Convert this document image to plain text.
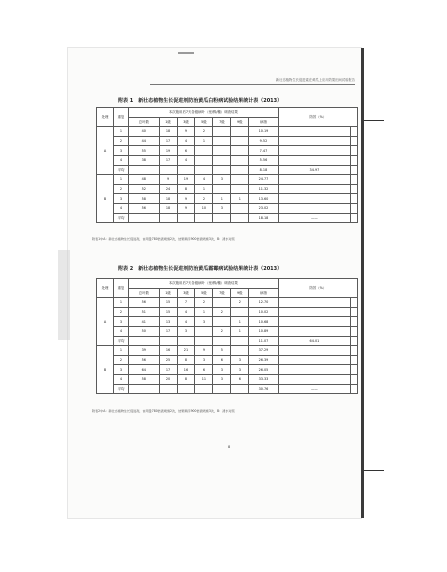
新壮态植物生长促进素在黄瓜上应用效果田间试验报告
附表 1　新壮态植物生长促进剂防治黄瓜白粉病试验结果统计表（2013）
处理	重复	本次施用后7天各级病叶（里/株/穗）调查结果							防效（%）	
		总叶数	1级	3级	5级	7级	9级	病指		
A	1	40	18	9	2			10.19		
	2	44	17	4	1			9.52		
	3	55	19	6				7.47		
	4	38	17	4				5.56		
	平均							8.18	34.97	
B	1	48	9	19	4	3		24.77		
	2	52	24	8	1			11.32		
	3	58	18	9	2	1	1	13.60		
	4	56	18	9	10	3		23.02		
	平均							18.18	——	
附表1中A：新壮态植物生长促进剂，亩用量780倍液喷施2次，结果顺序900倍液喷施3次，B：清水对照
附表 2　新壮态植物生长促进剂防治黄瓜霜霉病试验结果统计表（2013）
处理	重复	本次施用后7天各级病叶（里/株/穗）调查结果							防效（%）	
		总叶数	1级	3级	5级	7级	9级	病指		
A	1	56	15	7	2		2	12.70		
	2	51	15	4	1	2		10.02		
	3	41	13	4	3		1	10.68		
	4	50	17	3		2	1	10.89		
	平均							11.07	64.01	
B	1	39	16	21	9	5		37.29		
	2	56	25	8	3	6	3	26.39		
	3	64	17	16	6	3	3	26.05		
	4	58	20	8	11	3	6	33.33		
	平均							30.76	——	
附表2中A：新壮态植物生长促进剂，亩用量780倍液喷施2次，结果顺序900倍液喷施3次，B：清水对照
8
